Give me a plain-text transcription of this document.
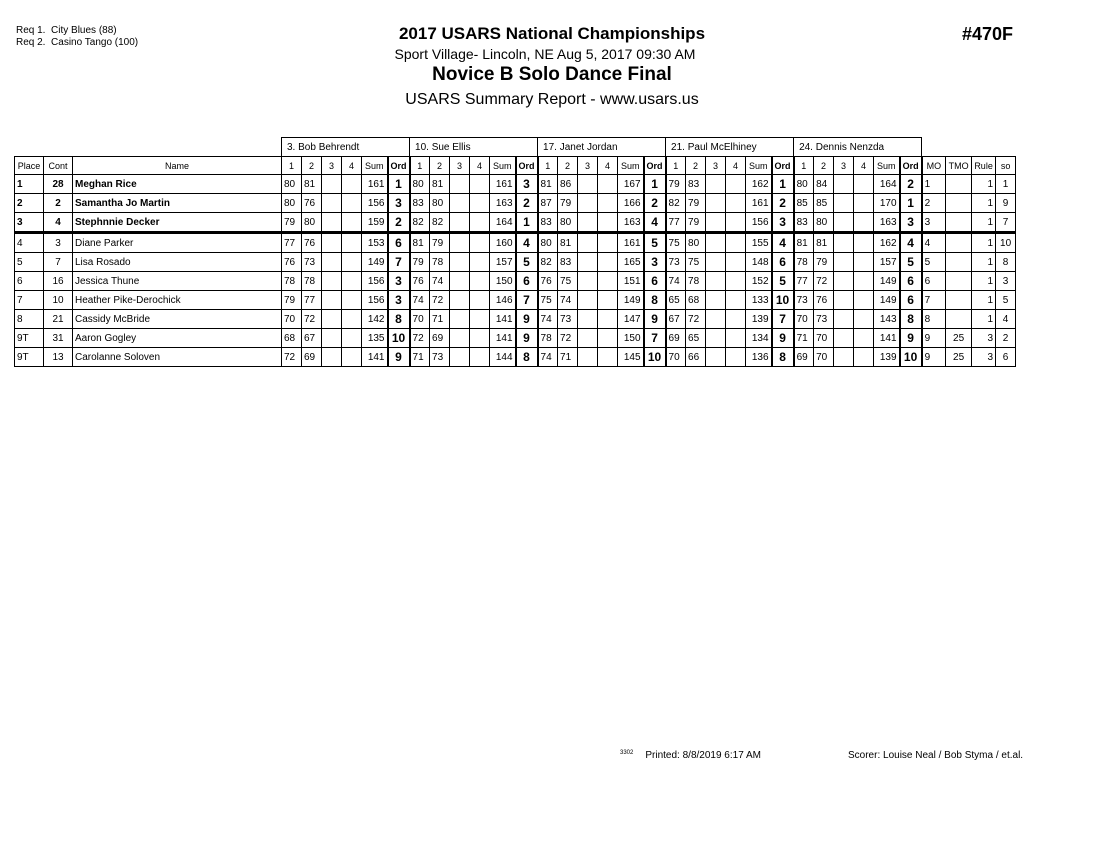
Req 1. City Blues (88)
Req 2. Casino Tango (100)	2017 USARS National Championships
Sport Village- Lincoln, NE Aug 5, 2017 09:30 AM
Novice B Solo Dance Final
USARS Summary Report - www.usars.us
#470F
			3. Bob Behrendt						10. Sue Ellis						17. Janet Jordan						21. Paul McElhiney						24. Dennis Nenzda									
Place	Cont	Name	1	2	3	4	Sum	Ord	1	2	3	4	Sum	Ord	1	2	3	4	Sum	Ord	1	2	3	4	Sum	Ord	1	2	3	4	Sum	Ord	MO	TMO	Rule	so
1	28	Meghan Rice	80	81			161	1	80	81			161	3	81	86			167	1	79	83			162	1	80	84			164	2	1		1	1
2	2	Samantha Jo Martin	80	76			156	3	83	80			163	2	87	79			166	2	82	79			161	2	85	85			170	1	2		1	9
3	4	Stephnnie Decker	79	80			159	2	82	82			164	1	83	80			163	4	77	79			156	3	83	80			163	3	3		1	7
4	3	Diane Parker	77	76			153	6	81	79			160	4	80	81			161	5	75	80			155	4	81	81			162	4	4		1	10
5	7	Lisa Rosado	76	73			149	7	79	78			157	5	82	83			165	3	73	75			148	6	78	79			157	5	5		1	8
6	16	Jessica Thune	78	78			156	3	76	74			150	6	76	75			151	6	74	78			152	5	77	72			149	6	6		1	3
7	10	Heather Pike-Derochick	79	77			156	3	74	72			146	7	75	74			149	8	65	68			133	10	73	76			149	6	7		1	5
8	21	Cassidy McBride	70	72			142	8	70	71			141	9	74	73			147	9	67	72			139	7	70	73			143	8	8		1	4
9T	31	Aaron Gogley	68	67			135	10	72	69			141	9	78	72			150	7	69	65			134	9	71	70			141	9	9	25	3	2
9T	13	Carolanne Soloven	72	69			141	9	71	73			144	8	74	71			145	10	70	66			136	8	69	70			139	10	9	25	3	6
$^{3302}$ Printed: 8/8/2019 6:17 AM	Scorer: Louise Neal / Bob Styma / et.al.
